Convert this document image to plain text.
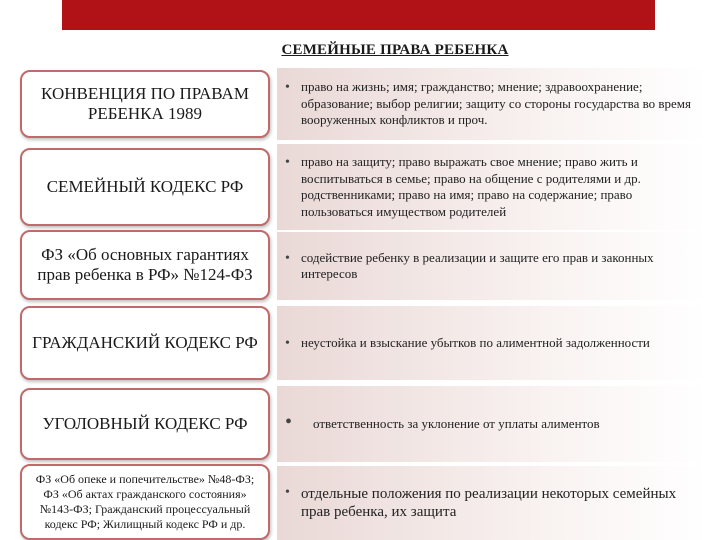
СЕМЕЙНЫЕ ПРАВА РЕБЕНКА
• право на жизнь; имя; гражданство; мнение; здравоохранение; образование; выбор религии; защиту со стороны государства во время вооруженных конфликтов и проч.
КОНВЕНЦИЯ ПО ПРАВАМ РЕБЕНКА 1989
• право на защиту; право выражать свое мнение; право жить и воспитываться в семье; право на общение с родителями и др. родственниками; право на имя; право на содержание; право пользоваться имуществом родителей
СЕМЕЙНЫЙ КОДЕКС РФ
• содействие ребенку в реализации и защите его прав и законных интересов
ФЗ «Об основных гарантиях прав ребенка в РФ» №124-ФЗ
• неустойка и взыскание убытков по алиментной задолженности
ГРАЖДАНСКИЙ КОДЕКС РФ
• ответственность за уклонение от уплаты алиментов
УГОЛОВНЫЙ КОДЕКС РФ
• отдельные положения по реализации некоторых семейных прав ребенка, их защита
ФЗ «Об опеке и попечительстве» №48-ФЗ; ФЗ «Об актах гражданского состояния» №143-ФЗ; Гражданский процессуальный кодекс РФ; Жилищный кодекс РФ и др.
